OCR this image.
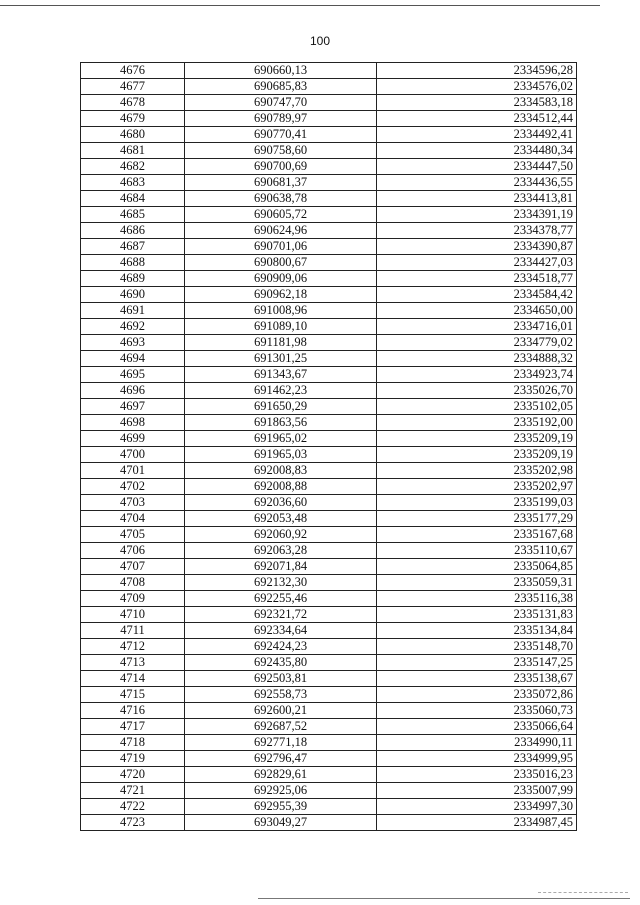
100
4676	690660,13	2334596,28
4677	690685,83	2334576,02
4678	690747,70	2334583,18
4679	690789,97	2334512,44
4680	690770,41	2334492,41
4681	690758,60	2334480,34
4682	690700,69	2334447,50
4683	690681,37	2334436,55
4684	690638,78	2334413,81
4685	690605,72	2334391,19
4686	690624,96	2334378,77
4687	690701,06	2334390,87
4688	690800,67	2334427,03
4689	690909,06	2334518,77
4690	690962,18	2334584,42
4691	691008,96	2334650,00
4692	691089,10	2334716,01
4693	691181,98	2334779,02
4694	691301,25	2334888,32
4695	691343,67	2334923,74
4696	691462,23	2335026,70
4697	691650,29	2335102,05
4698	691863,56	2335192,00
4699	691965,02	2335209,19
4700	691965,03	2335209,19
4701	692008,83	2335202,98
4702	692008,88	2335202,97
4703	692036,60	2335199,03
4704	692053,48	2335177,29
4705	692060,92	2335167,68
4706	692063,28	2335110,67
4707	692071,84	2335064,85
4708	692132,30	2335059,31
4709	692255,46	2335116,38
4710	692321,72	2335131,83
4711	692334,64	2335134,84
4712	692424,23	2335148,70
4713	692435,80	2335147,25
4714	692503,81	2335138,67
4715	692558,73	2335072,86
4716	692600,21	2335060,73
4717	692687,52	2335066,64
4718	692771,18	2334990,11
4719	692796,47	2334999,95
4720	692829,61	2335016,23
4721	692925,06	2335007,99
4722	692955,39	2334997,30
4723	693049,27	2334987,45
